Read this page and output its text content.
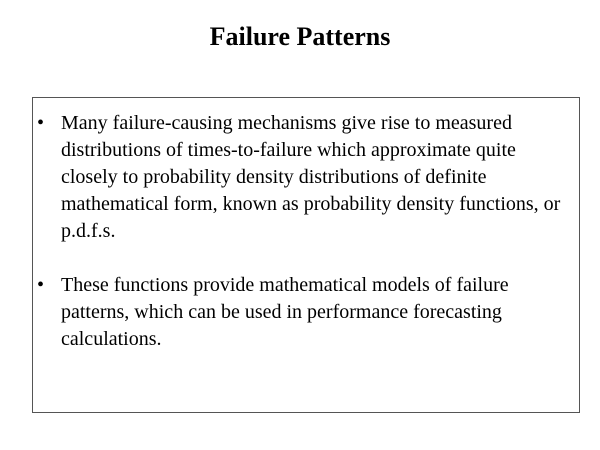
Failure Patterns
• Many failure-causing mechanisms give rise to measured distributions of times-to-failure which approximate quite closely to probability density distributions of definite mathematical form, known as probability density functions, or p.d.f.s.
• These functions provide mathematical models of failure patterns, which can be used in performance forecasting calculations.
